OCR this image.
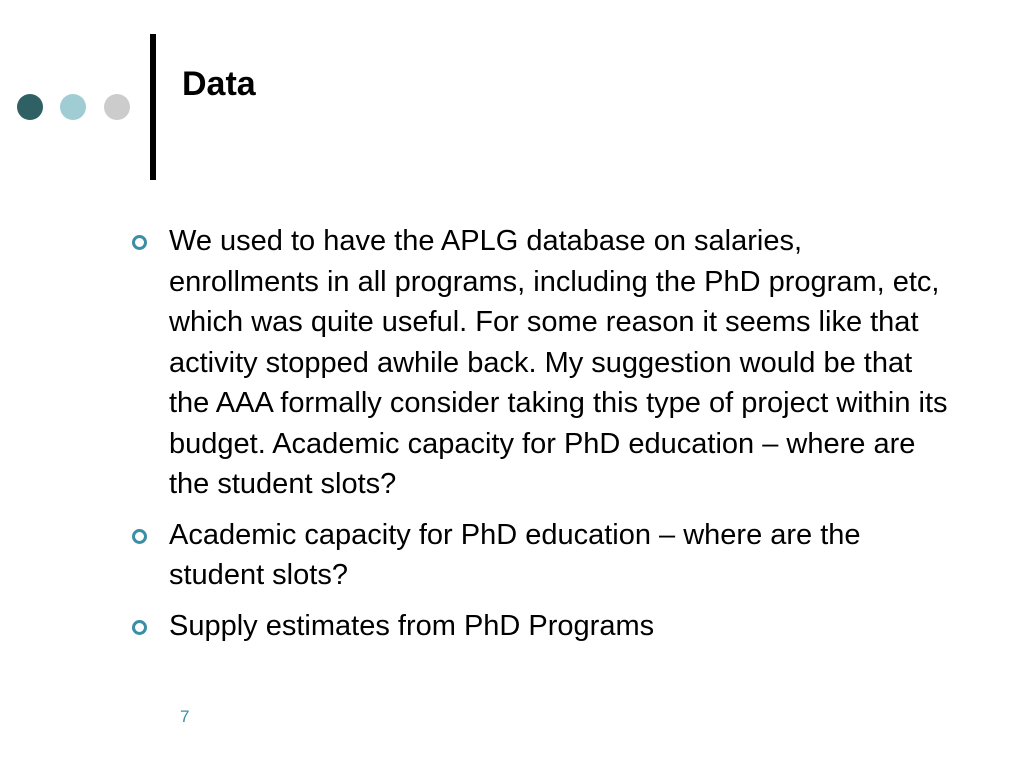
Data
We used to have the APLG database on salaries, enrollments in all programs, including the PhD program, etc, which was quite useful. For some reason it seems like that activity stopped awhile back. My suggestion would be that the AAA formally consider taking this type of project within its budget. Academic capacity for PhD education – where are the student slots?
Academic capacity for PhD education – where are the student slots?
Supply estimates from PhD Programs
7
